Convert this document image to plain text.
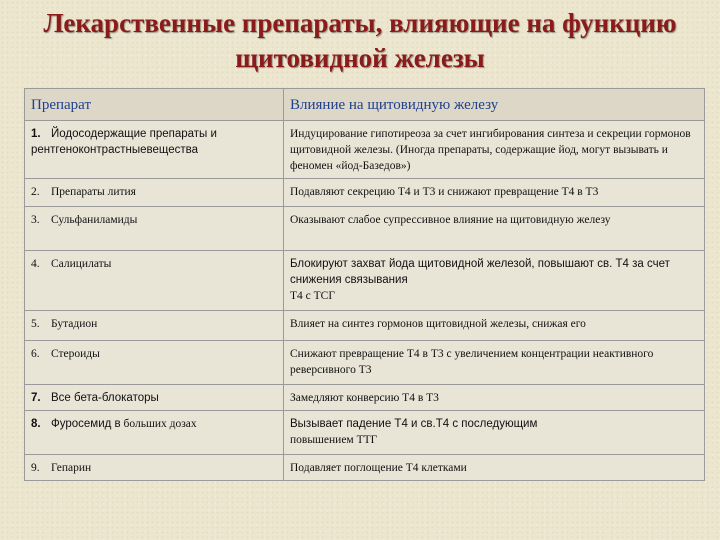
Лекарственные препараты, влияющие на функцию
щитовидной железы
Препарат	Влияние на щитовидную железу
1. Йодосодержащие препараты и рентгеноконтрастныевещества	Индуцирование гипотиреоза за счет ингибирования синтеза и секреции гормонов щитовидной железы. (Иногда препараты, содержащие йод, могут вызывать и феномен «йод-Базедов»)
2. Препараты лития	Подавляют секрецию Т4 и Т3 и снижают превращение Т4 в Т3
3. Сульфаниламиды	Оказывают слабое супрессивное влияние на щитовидную железу
4. Салицилаты	Блокируют захват йода щитовидной железой, повышают св. Т4 за счет снижения связывания
Т4 с ТСГ
5. Бутадион	Влияет на синтез гормонов щитовидной железы, снижая его
6. Стероиды	Снижают превращение Т4 в Т3 с увеличением концентрации неактивного реверсивного Т3
7. Все бета-блокаторы	Замедляют конверсию Т4 в Т3
8. Фуросемид в больших дозах	Вызывает падение Т4 и св.Т4 с последующим
повышением ТТГ
9. Гепарин	Подавляет поглощение Т4 клетками
